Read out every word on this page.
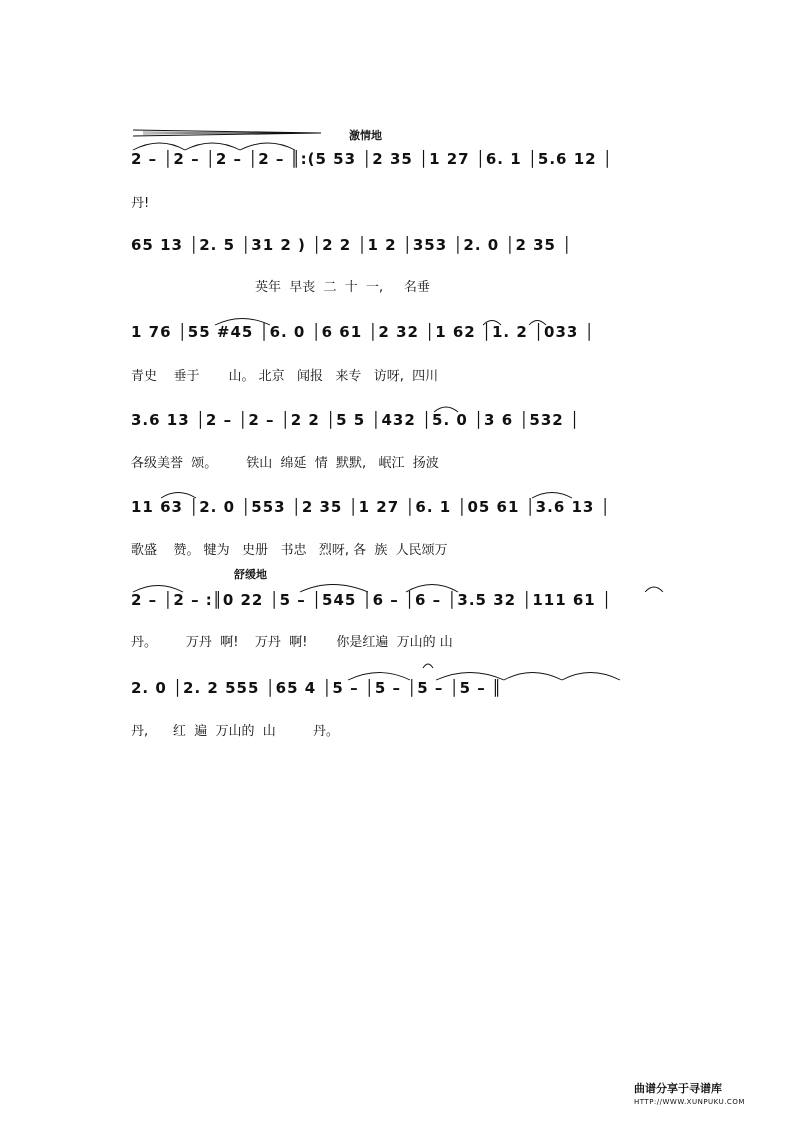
激情地
舒缓地
2 – │2 – │2 – │2 – ║:(5 53 │2 35 │1 27 │6. 1 │5.6 12 │
丹!
65 13 │2. 5 │31 2 ) │2 2 │1 2 │353 │2. 0 │2 35 │
英年  早丧  二  十  一,     名垂
1 76 │55 #45 │6. 0 │6 61 │2 32 │1 62 │1. 2 │033 │
青史    垂于       山。 北京   闻报   来专   访呀,  四川
3.6 13 │2 – │2 – │2 2 │5 5 │432 │5. 0 │3 6 │532 │
各级美誉  颂。       铁山  绵延  情  默默,   岷江  扬波
11 63 │2. 0 │553 │2 35 │1 27 │6. 1 │05 61 │3.6 13 │
歌盛    赞。 犍为   史册   书忠   烈呀, 各  族  人民颂万
2 – │2 – :║0 22 │5 – │545 │6 – │6 – │3.5 32 │111 61 │
丹。       万丹  啊!    万丹  啊!       你是红遍  万山的 山
2. 0 │2. 2 555 │65 4 │5 – │5 – │5 – │5 – ║
丹,      红  遍  万山的  山         丹。
曲谱分享于寻谱库
HTTP://WWW.XUNPUKU.COM
